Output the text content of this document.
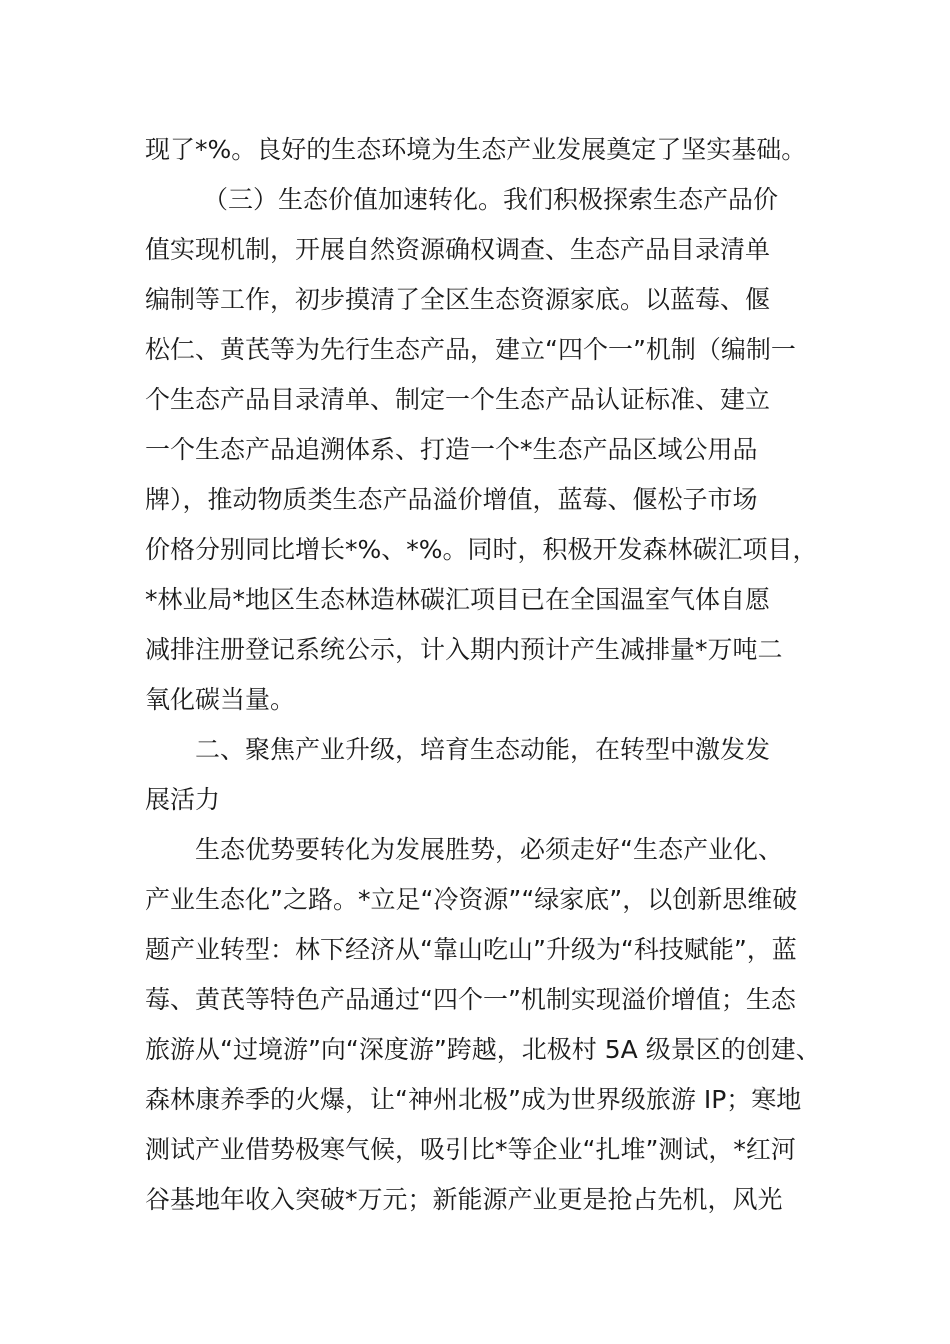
现了*%。良好的生态环境为生态产业发展奠定了坚实基础。
（三）生态价值加速转化。我们积极探索生态产品价
值实现机制，开展自然资源确权调查、生态产品目录清单
编制等工作，初步摸清了全区生态资源家底。以蓝莓、偃
松仁、黄芪等为先行生态产品，建立“四个一”机制（编制一
个生态产品目录清单、制定一个生态产品认证标准、建立
一个生态产品追溯体系、打造一个*生态产品区域公用品
牌），推动物质类生态产品溢价增值，蓝莓、偃松子市场
价格分别同比增长*%、*%。同时，积极开发森林碳汇项目，
*林业局*地区生态林造林碳汇项目已在全国温室气体自愿
减排注册登记系统公示，计入期内预计产生减排量*万吨二
氧化碳当量。
二、聚焦产业升级，培育生态动能，在转型中激发发
展活力
生态优势要转化为发展胜势，必须走好“生态产业化、
产业生态化”之路。*立足“冷资源”“绿家底”，以创新思维破
题产业转型：林下经济从“靠山吃山”升级为“科技赋能”，蓝
莓、黄芪等特色产品通过“四个一”机制实现溢价增值；生态
旅游从“过境游”向“深度游”跨越，北极村 5A 级景区的创建、
森林康养季的火爆，让“神州北极”成为世界级旅游 IP；寒地
测试产业借势极寒气候，吸引比*等企业“扎堆”测试，*红河
谷基地年收入突破*万元；新能源产业更是抢占先机，风光
